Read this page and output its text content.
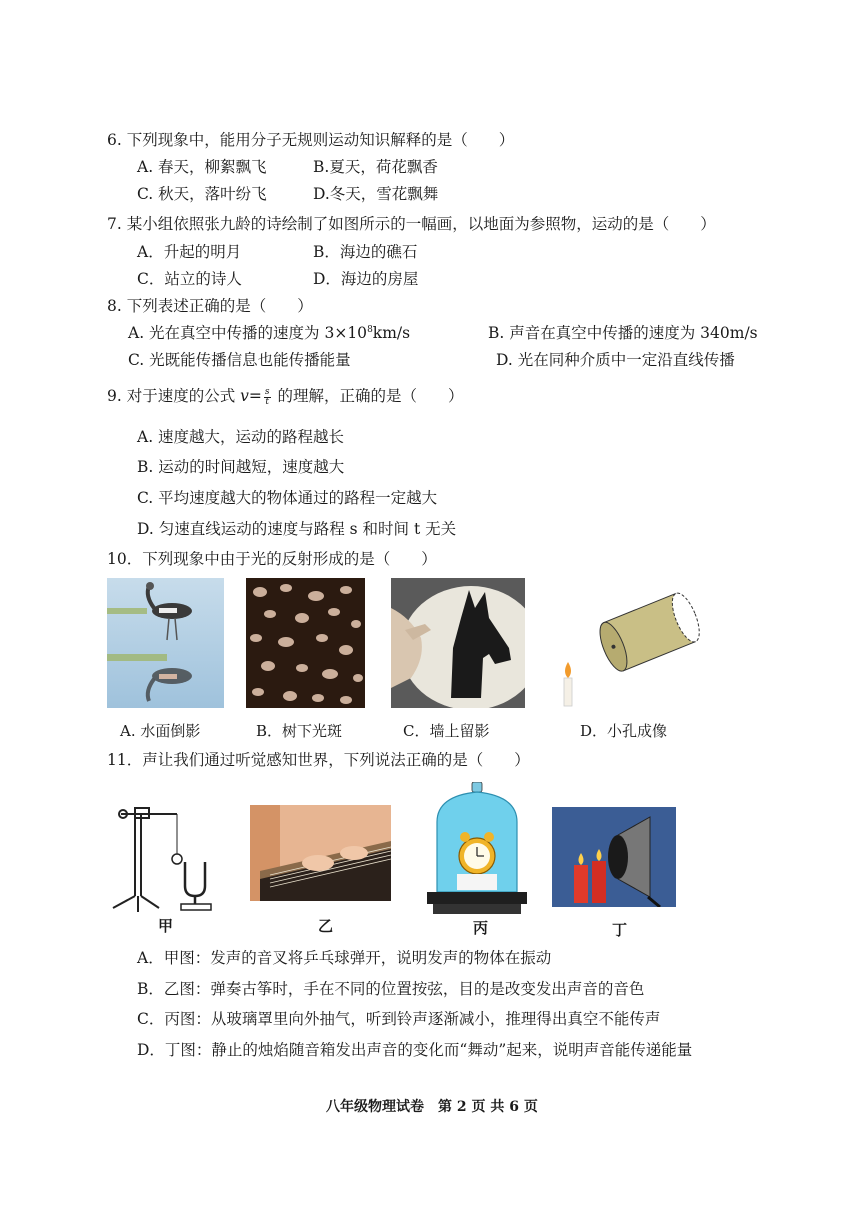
6. 下列现象中，能用分子无规则运动知识解释的是（　　）
A. 春天，柳絮飘飞	B.夏天，荷花飘香
C. 秋天，落叶纷飞	D.冬天，雪花飘舞
7. 某小组依照张九龄的诗绘制了如图所示的一幅画，以地面为参照物，运动的是（　　）
A．升起的明月	B．海边的礁石
C．站立的诗人	D．海边的房屋
8. 下列表述正确的是（　　）
A. 光在真空中传播的速度为 $3\times 10^8km/s$	B. 声音在真空中传播的速度为 340m/s
C. 光既能传播信息也能传播能量	D. 光在同种介质中一定沿直线传播
9. 对于速度的公式 $v= \frac{s}{t}$ 的理解，正确的是（　　）
A. 速度越大，运动的路程越长
B. 运动的时间越短，速度越大
C. 平均速度越大的物体通过的路程一定越大
D. 匀速直线运动的速度与路程 s 和时间 t 无关
10．下列现象中由于光的反射形成的是（　　）
A. 水面倒影	B．树下光斑	C．墙上留影	D．小孔成像
11．声让我们通过听觉感知世界，下列说法正确的是（　　）
甲	乙	丙	丁
A．甲图：发声的音叉将乒乓球弹开，说明发声的物体在振动
B．乙图：弹奏古筝时，手在不同的位置按弦，目的是改变发出声音的音色
C．丙图：从玻璃罩里向外抽气，听到铃声逐渐减小，推理得出真空不能传声
D．丁图：静止的烛焰随音箱发出声音的变化而“舞动”起来，说明声音能传递能量
八年级物理试卷　第 2 页 共 6 页
